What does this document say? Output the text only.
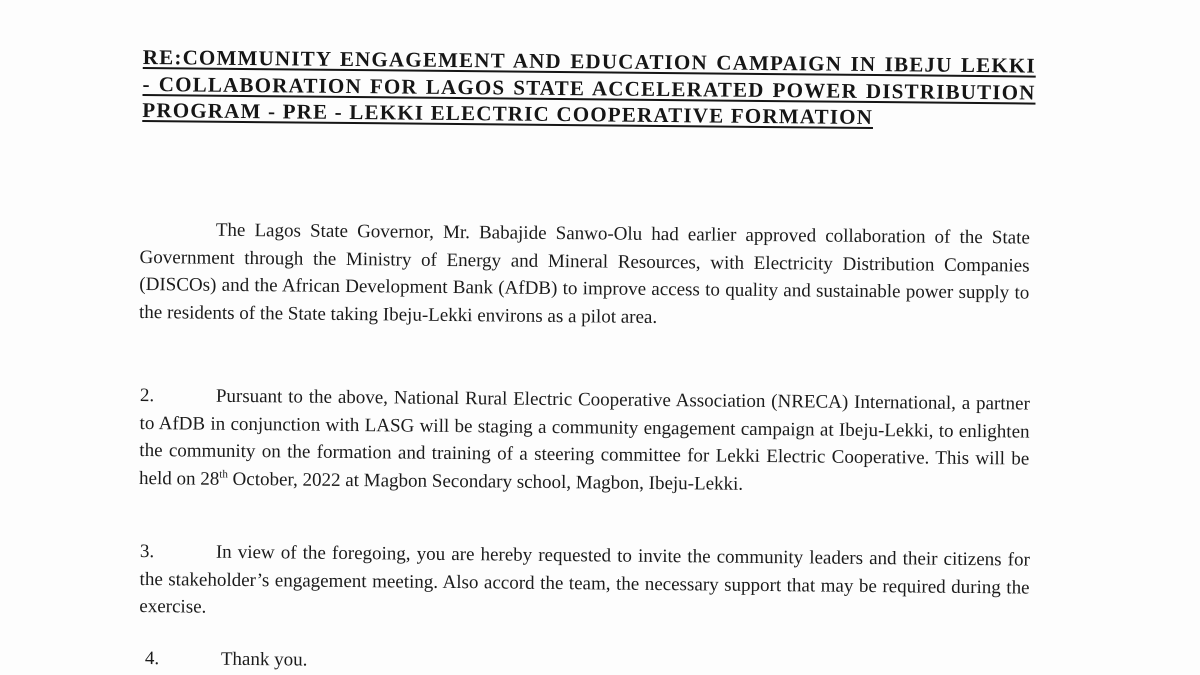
RE:COMMUNITY ENGAGEMENT AND EDUCATION CAMPAIGN IN IBEJU LEKKI - COLLABORATION FOR LAGOS STATE ACCELERATED POWER DISTRIBUTION PROGRAM - PRE - LEKKI ELECTRIC COOPERATIVE FORMATION
The Lagos State Governor, Mr. Babajide Sanwo-Olu had earlier approved collaboration of the State Government through the Ministry of Energy and Mineral Resources, with Electricity Distribution Companies (DISCOs) and the African Development Bank (AfDB) to improve access to quality and sustainable power supply to the residents of the State taking Ibeju-Lekki environs as a pilot area.
2.	Pursuant to the above, National Rural Electric Cooperative Association (NRECA) International, a partner to AfDB in conjunction with LASG will be staging a community engagement campaign at Ibeju-Lekki, to enlighten the community on the formation and training of a steering committee for Lekki Electric Cooperative. This will be held on 28th October, 2022 at Magbon Secondary school, Magbon, Ibeju-Lekki.
3.	In view of the foregoing, you are hereby requested to invite the community leaders and their citizens for the stakeholder’s engagement meeting. Also accord the team, the necessary support that may be required during the exercise.
4.	Thank you.
